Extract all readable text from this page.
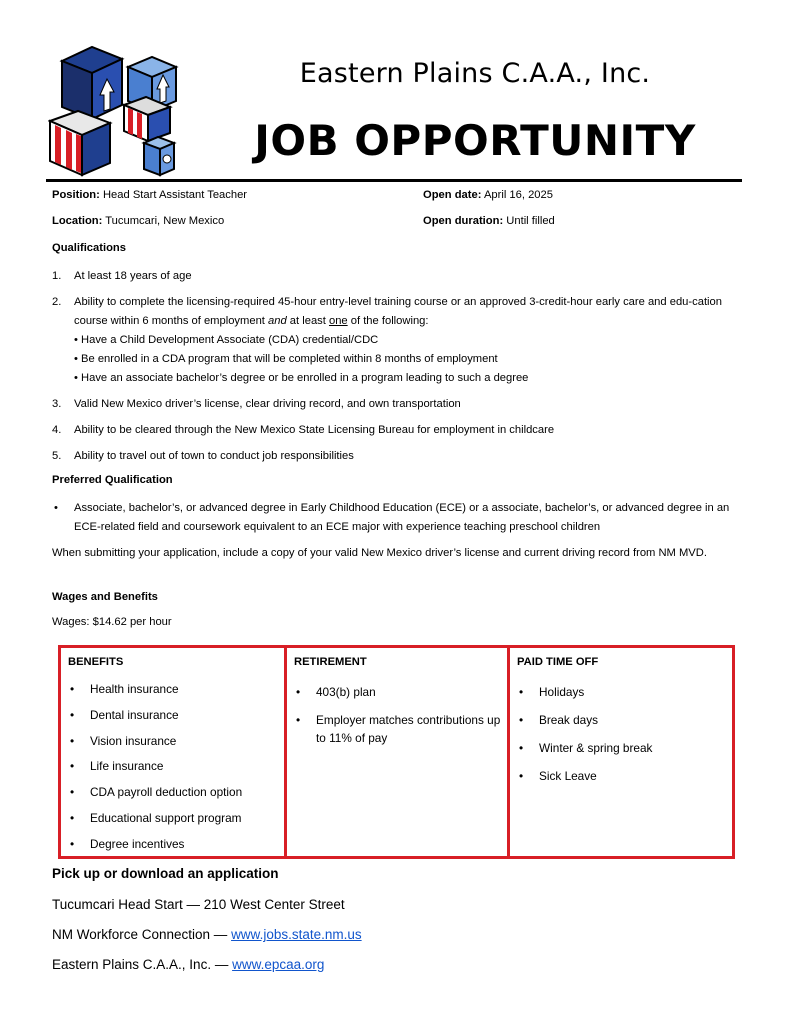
Eastern Plains C.A.A., Inc.
JOB OPPORTUNITY
Position: Head Start Assistant Teacher	Open date: April 16, 2025
Location: Tucumcari, New Mexico	Open duration: Until filled
Qualifications
1. At least 18 years of age
2. Ability to complete the licensing-required 45-hour entry-level training course or an approved 3-credit-hour early care and edu-cation course within 6 months of employment and at least one of the following:
• Have a Child Development Associate (CDA) credential/CDC
• Be enrolled in a CDA program that will be completed within 8 months of employment
• Have an associate bachelor’s degree or be enrolled in a program leading to such a degree
3. Valid New Mexico driver’s license, clear driving record, and own transportation
4. Ability to be cleared through the New Mexico State Licensing Bureau for employment in childcare
5. Ability to travel out of town to conduct job responsibilities
Preferred Qualification
• Associate, bachelor’s, or advanced degree in Early Childhood Education (ECE) or a associate, bachelor’s, or advanced degree in an ECE-related field and coursework equivalent to an ECE major with experience teaching preschool children
When submitting your application, include a copy of your valid New Mexico driver’s license and current driving record from NM MVD.
Wages and Benefits
Wages: $14.62 per hour
BENEFITS
• Health insurance
• Dental insurance
• Vision insurance
• Life insurance
• CDA payroll deduction option
• Educational support program
• Degree incentives
RETIREMENT
• 403(b) plan
• Employer matches contributions up to 11% of pay
PAID TIME OFF
• Holidays
• Break days
• Winter & spring break
• Sick Leave
Pick up or download an application
Tucumcari Head Start — 210 West Center Street
NM Workforce Connection — www.jobs.state.nm.us
Eastern Plains C.A.A., Inc. — www.epcaa.org
